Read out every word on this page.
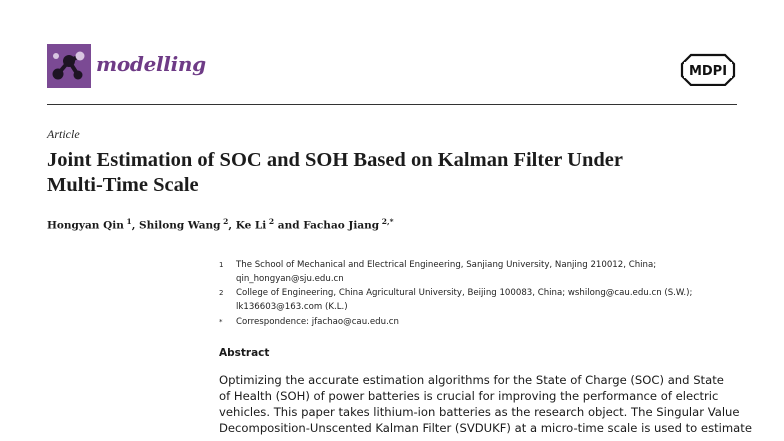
modelling	MDPI
Article
Joint Estimation of SOC and SOH Based on Kalman Filter Under
Multi-Time Scale
Hongyan Qin $^1$, Shilong Wang $^2$, Ke Li $^2$ and Fachao Jiang $^{2,*}$
1 The School of Mechanical and Electrical Engineering, Sanjiang University, Nanjing 210012, China;
qin_hongyan@sju.edu.cn
2 College of Engineering, China Agricultural University, Beijing 100083, China; wshilong@cau.edu.cn (S.W.);
lk136603@163.com (K.L.)
* Correspondence: jfachao@cau.edu.cn
Abstract
Optimizing the accurate estimation algorithms for the State of Charge (SOC) and State
of Health (SOH) of power batteries is crucial for improving the performance of electric
vehicles. This paper takes lithium-ion batteries as the research object. The Singular Value
Decomposition-Unscented Kalman Filter (SVDUKF) at a micro-time scale is used to estimate
